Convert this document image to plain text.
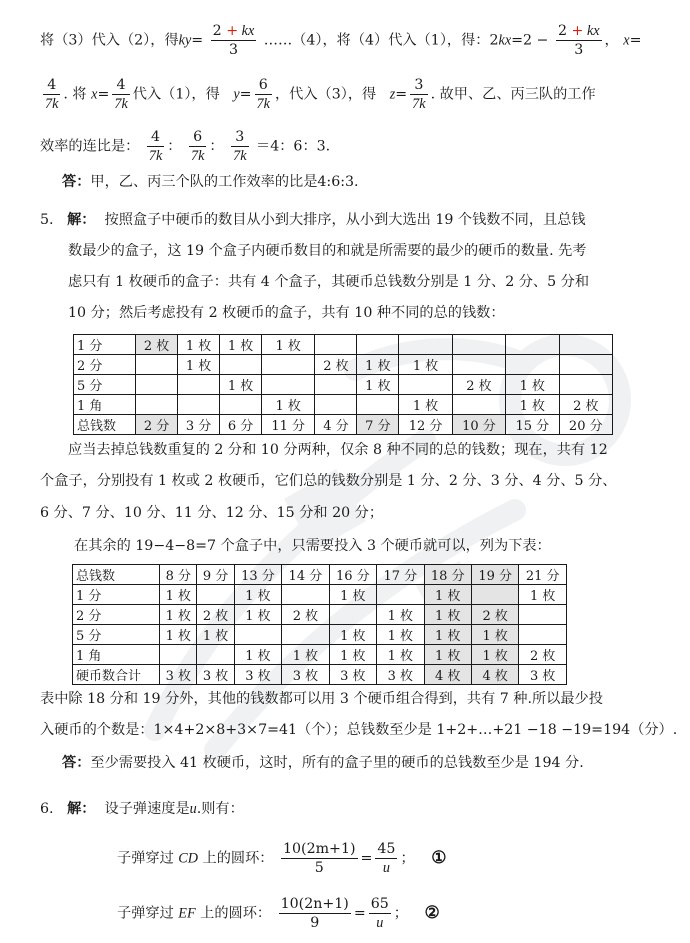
将（3）代入（2），得$ky= \frac{2 + kx}{3}$ ……（4），将（4）代入（1），得：$2kx=2 - \frac{2 + kx}{3}$ ， x=
$\frac{4}{7k}$ . 将 $x= \frac{4}{7k}$ 代入（1），得 $y= \frac{6}{7k}$ ，代入（3），得 $z= \frac{3}{7k}$ . 故甲、乙、丙三队的工作
效率的连比是： $\frac{4}{7k}$ ： $\frac{6}{7k}$ ： $\frac{3}{7k} =4$：6：3.
答：甲，乙、丙三个队的工作效率的比是4:6:3.
5. 解： 按照盒子中硬币的数目从小到大排序，从小到大选出 19 个钱数不同，且总钱
数最少的盒子，这 19 个盒子内硬币数目的和就是所需要的最少的硬币的数量. 先考
虑只有 1 枚硬币的盒子：共有 4 个盒子，其硬币总钱数分别是 1 分、2 分、5 分和
10 分；然后考虑投有 2 枚硬币的盒子，共有 10 种不同的总的钱数：
1 分	2 枚	1 枚	1 枚	1 枚						
2 分		1 枚			2 枚	1 枚	1 枚			
5 分			1 枚			1 枚		2 枚	1 枚	
1 角				1 枚			1 枚		1 枚	2 枚
总钱数	2 分	3 分	6 分	11 分	4 分	7 分	12 分	10 分	15 分	20 分
应当去掉总钱数重复的 2 分和 10 分两种，仅余 8 种不同的总的钱数；现在，共有 12
个盒子，分别投有 1 枚或 2 枚硬币，它们总的钱数分别是 1 分、2 分、3 分、4 分、5 分、
6 分、7 分、10 分、11 分、12 分、15 分和 20 分；
在其余的 19−4−8=7 个盒子中，只需要投入 3 个硬币就可以，列为下表：
总钱数	8 分	9 分	13 分	14 分	16 分	17 分	18 分	19 分	21 分
1 分	1 枚		1 枚		1 枚		1 枚		1 枚
2 分	1 枚	2 枚	1 枚	2 枚		1 枚	1 枚	2 枚	
5 分	1 枚	1 枚			1 枚	1 枚	1 枚	1 枚	
1 角			1 枚	1 枚	1 枚	1 枚	1 枚	1 枚	2 枚
硬币数合计	3 枚	3 枚	3 枚	3 枚	3 枚	3 枚	4 枚	4 枚	3 枚
表中除 18 分和 19 分外，其他的钱数都可以用 3 个硬币组合得到，共有 7 种.所以最少投
入硬币的个数是：1×4+2×8+3×7=41（个）；总钱数至少是 1+2+…+21 −18 −19=194（分）.
答：至少需要投入 41 枚硬币，这时，所有的盒子里的硬币的总钱数至少是 194 分.
6. 解： 设子弹速度是u.则有：
子弹穿过 CD 上的圆环： $\frac{10(2m+1)}{5} = \frac{45}{u}$ ； ①
子弹穿过 EF 上的圆环： $\frac{10(2n+1)}{9} = \frac{65}{u}$ ； ②
